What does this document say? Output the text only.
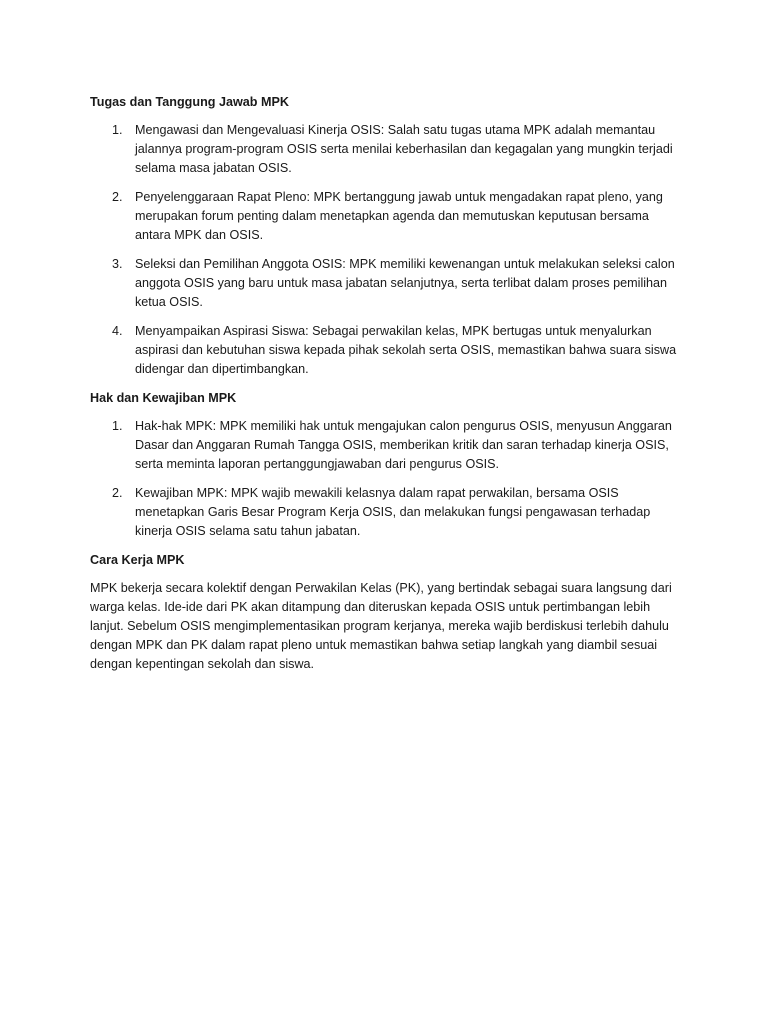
Tugas dan Tanggung Jawab MPK

1. Mengawasi dan Mengevaluasi Kinerja OSIS: Salah satu tugas utama MPK adalah memantau jalannya program-program OSIS serta menilai keberhasilan dan kegagalan yang mungkin terjadi selama masa jabatan OSIS.
2. Penyelenggaraan Rapat Pleno: MPK bertanggung jawab untuk mengadakan rapat pleno, yang merupakan forum penting dalam menetapkan agenda dan memutuskan keputusan bersama antara MPK dan OSIS.
3. Seleksi dan Pemilihan Anggota OSIS: MPK memiliki kewenangan untuk melakukan seleksi calon anggota OSIS yang baru untuk masa jabatan selanjutnya, serta terlibat dalam proses pemilihan ketua OSIS.
4. Menyampaikan Aspirasi Siswa: Sebagai perwakilan kelas, MPK bertugas untuk menyalurkan aspirasi dan kebutuhan siswa kepada pihak sekolah serta OSIS, memastikan bahwa suara siswa didengar dan dipertimbangkan.

Hak dan Kewajiban MPK

1. Hak-hak MPK: MPK memiliki hak untuk mengajukan calon pengurus OSIS, menyusun Anggaran Dasar dan Anggaran Rumah Tangga OSIS, memberikan kritik dan saran terhadap kinerja OSIS, serta meminta laporan pertanggungjawaban dari pengurus OSIS.
2. Kewajiban MPK: MPK wajib mewakili kelasnya dalam rapat perwakilan, bersama OSIS menetapkan Garis Besar Program Kerja OSIS, dan melakukan fungsi pengawasan terhadap kinerja OSIS selama satu tahun jabatan.

Cara Kerja MPK

MPK bekerja secara kolektif dengan Perwakilan Kelas (PK), yang bertindak sebagai suara langsung dari warga kelas. Ide-ide dari PK akan ditampung dan diteruskan kepada OSIS untuk pertimbangan lebih lanjut. Sebelum OSIS mengimplementasikan program kerjanya, mereka wajib berdiskusi terlebih dahulu dengan MPK dan PK dalam rapat pleno untuk memastikan bahwa setiap langkah yang diambil sesuai dengan kepentingan sekolah dan siswa.
